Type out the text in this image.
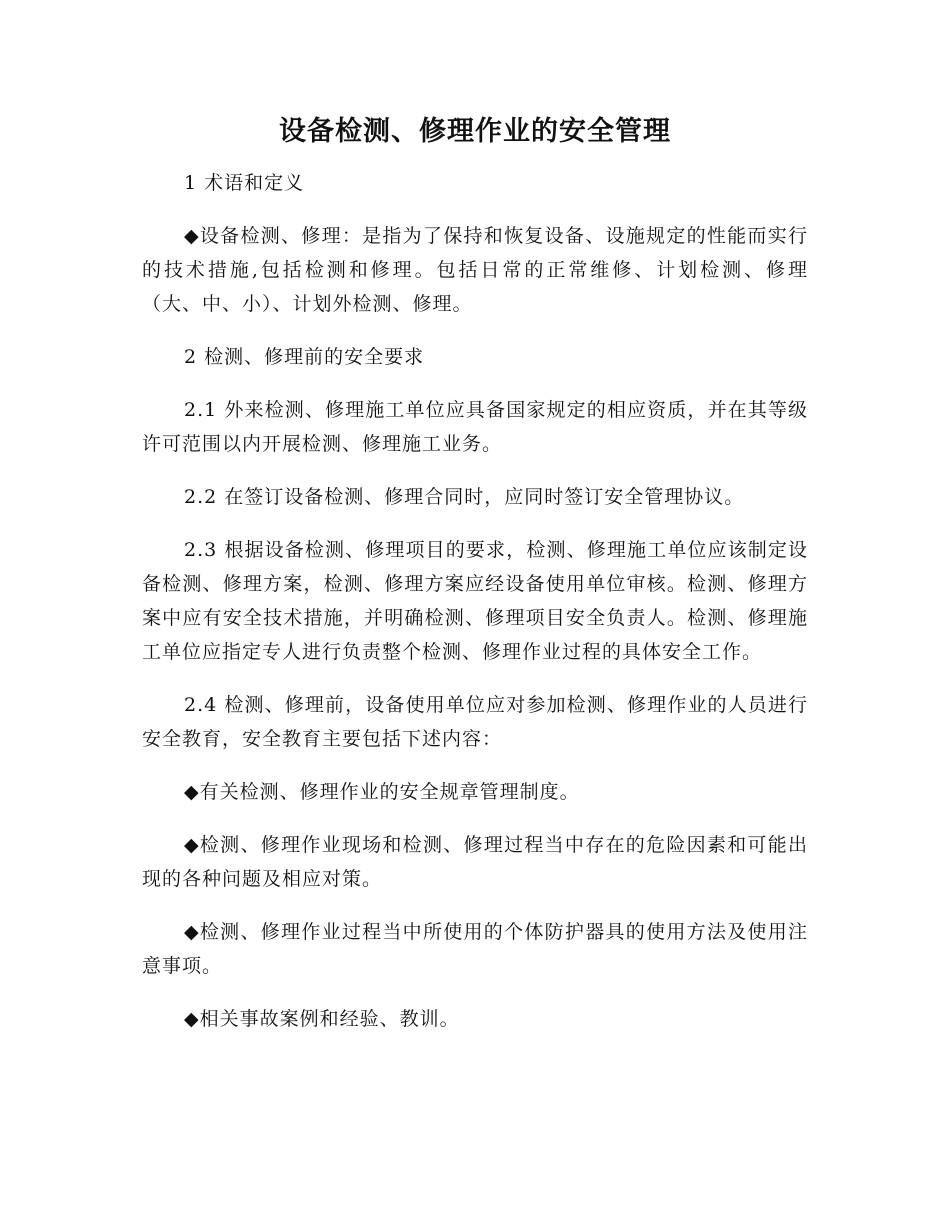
设备检测、修理作业的安全管理

1 术语和定义

◆设备检测、修理：是指为了保持和恢复设备、设施规定的性能而实行的技术措施,包括检测和修理。包括日常的正常维修、计划检测、修理（大、中、小）、计划外检测、修理。

2 检测、修理前的安全要求

2.1 外来检测、修理施工单位应具备国家规定的相应资质，并在其等级许可范围以内开展检测、修理施工业务。

2.2 在签订设备检测、修理合同时，应同时签订安全管理协议。

2.3 根据设备检测、修理项目的要求，检测、修理施工单位应该制定设备检测、修理方案，检测、修理方案应经设备使用单位审核。检测、修理方案中应有安全技术措施，并明确检测、修理项目安全负责人。检测、修理施工单位应指定专人进行负责整个检测、修理作业过程的具体安全工作。

2.4 检测、修理前，设备使用单位应对参加检测、修理作业的人员进行安全教育，安全教育主要包括下述内容：

◆有关检测、修理作业的安全规章管理制度。

◆检测、修理作业现场和检测、修理过程当中存在的危险因素和可能出现的各种问题及相应对策。

◆检测、修理作业过程当中所使用的个体防护器具的使用方法及使用注意事项。

◆相关事故案例和经验、教训。
